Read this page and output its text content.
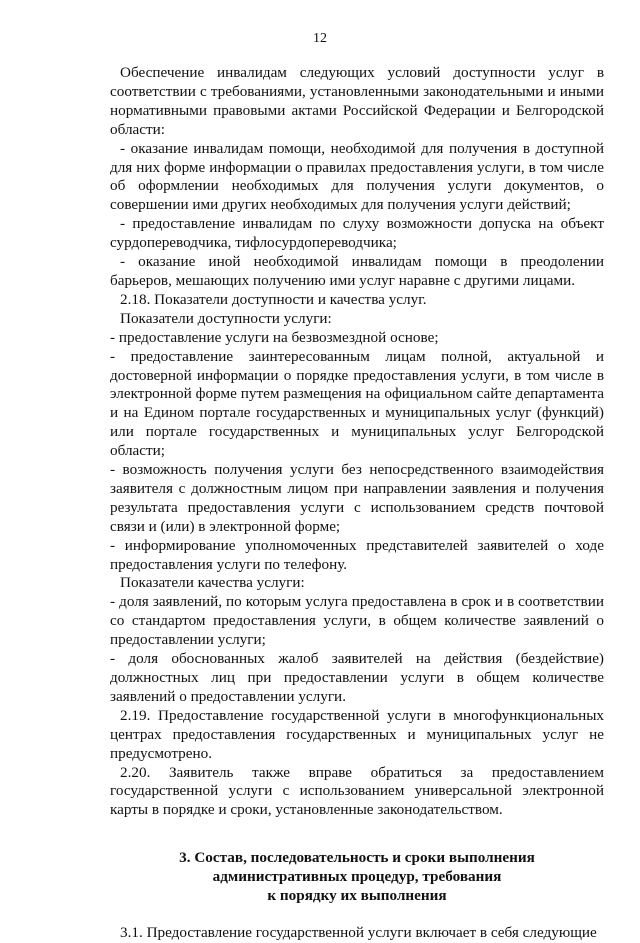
12

Обеспечение инвалидам следующих условий доступности услуг в соответствии с требованиями, установленными законодательными и иными нормативными правовыми актами Российской Федерации и Белгородской области:

- оказание инвалидам помощи, необходимой для получения в доступной для них форме информации о правилах предоставления услуги, в том числе об оформлении необходимых для получения услуги документов, о совершении ими других необходимых для получения услуги действий;

- предоставление инвалидам по слуху возможности допуска на объект сурдопереводчика, тифлосурдопереводчика;

- оказание иной необходимой инвалидам помощи в преодолении барьеров, мешающих получению ими услуг наравне с другими лицами.

2.18. Показатели доступности и качества услуг.

Показатели доступности услуги:

- предоставление услуги на безвозмездной основе;

- предоставление заинтересованным лицам полной, актуальной и достоверной информации о порядке предоставления услуги, в том числе в электронной форме путем размещения на официальном сайте департамента и на Едином портале государственных и муниципальных услуг (функций) или портале государственных и муниципальных услуг Белгородской области;

- возможность получения услуги без непосредственного взаимодействия заявителя с должностным лицом при направлении заявления и получения результата предоставления услуги с использованием средств почтовой связи и (или) в электронной форме;

- информирование уполномоченных представителей заявителей о ходе предоставления услуги по телефону.

Показатели качества услуги:

- доля заявлений, по которым услуга предоставлена в срок и в соответствии со стандартом предоставления услуги, в общем количестве заявлений о предоставлении услуги;

- доля обоснованных жалоб заявителей на действия (бездействие) должностных лиц при предоставлении услуги в общем количестве заявлений о предоставлении услуги.

2.19. Предоставление государственной услуги в многофункциональных центрах предоставления государственных и муниципальных услуг не предусмотрено.

2.20. Заявитель также вправе обратиться за предоставлением государственной услуги с использованием универсальной электронной карты в порядке и сроки, установленные законодательством.

3. Состав, последовательность и сроки выполнения
административных процедур, требования
к порядку их выполнения

3.1. Предоставление государственной услуги включает в себя следующие
